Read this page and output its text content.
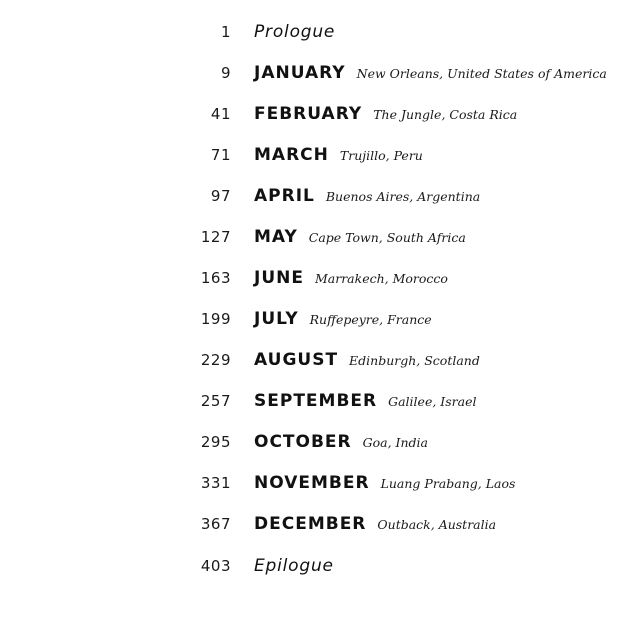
1 Prologue
9 JANUARY New Orleans, United States of America
41 FEBRUARY The Jungle, Costa Rica
71 MARCH Trujillo, Peru
97 APRIL Buenos Aires, Argentina
127 MAY Cape Town, South Africa
163 JUNE Marrakech, Morocco
199 JULY Ruffepeyre, France
229 AUGUST Edinburgh, Scotland
257 SEPTEMBER Galilee, Israel
295 OCTOBER Goa, India
331 NOVEMBER Luang Prabang, Laos
367 DECEMBER Outback, Australia
403 Epilogue
